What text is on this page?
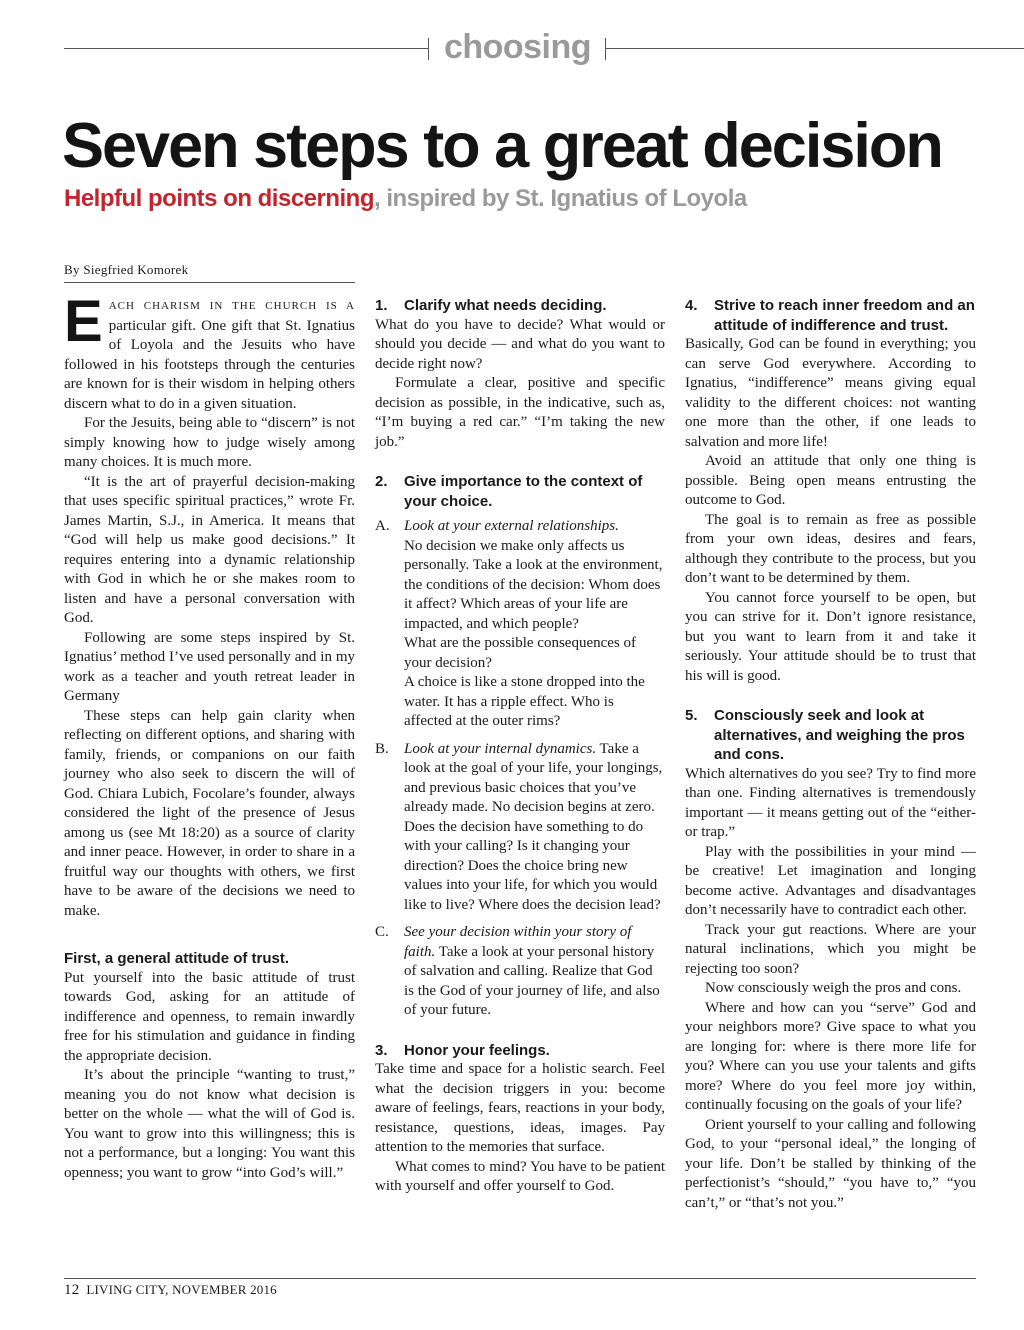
choosing
Seven steps to a great decision
Helpful points on discerning, inspired by St. Ignatius of Loyola
By Siegfried Komorek

EACH CHARISM IN THE CHURCH IS A particular gift. One gift that St. Ignatius of Loyola and the Jesuits who have followed in his footsteps through the centuries are known for is their wisdom in helping others discern what to do in a given situation.

For the Jesuits, being able to “discern” is not simply knowing how to judge wisely among many choices. It is much more.

“It is the art of prayerful decision-making that uses specific spiritual practices,” wrote Fr. James Martin, S.J., in America. It means that “God will help us make good decisions.” It requires entering into a dynamic relationship with God in which he or she makes room to listen and have a personal conversation with God.

Following are some steps inspired by St. Ignatius’ method I’ve used personally and in my work as a teacher and youth retreat leader in Germany

These steps can help gain clarity when reflecting on different options, and sharing with family, friends, or companions on our faith journey who also seek to discern the will of God. Chiara Lubich, Focolare’s founder, always considered the light of the presence of Jesus among us (see Mt 18:20) as a source of clarity and inner peace. However, in order to share in a fruitful way our thoughts with others, we first have to be aware of the decisions we need to make.

First, a general attitude of trust.

Put yourself into the basic attitude of trust towards God, asking for an attitude of indifference and openness, to remain inwardly free for his stimulation and guidance in finding the appropriate decision.

It’s about the principle “wanting to trust,” meaning you do not know what decision is better on the whole — what the will of God is. You want to grow into this willingness; this is not a performance, but a longing: You want this openness; you want to grow “into God’s will.”

1. Clarify what needs deciding.

What do you have to decide? What would or should you decide — and what do you want to decide right now?

Formulate a clear, positive and specific decision as possible, in the indicative, such as, “I’m buying a red car.” “I’m taking the new job.”

2. Give importance to the context of your choice.
A. Look at your external relationships.
No decision we make only affects us personally. Take a look at the environment, the conditions of the decision: Whom does it affect? Which areas of your life are impacted, and which people?

What are the possible consequences of your decision?

A choice is like a stone dropped into the water. It has a ripple effect. Who is affected at the outer rims?

B.	Look at your internal dynamics. Take a look at the goal of your life, your longings, and previous basic choices that you’ve already made. No decision begins at zero.

Does the decision have something to do with your calling? Is it changing your direction? Does the choice bring new values into your life, for which you would like to live? Where does the decision lead?

C.	See your decision within your story of faith. Take a look at your personal history of salvation and calling. Realize that God is the God of your journey of life, and also of your future.

3. Honor your feelings.

Take time and space for a holistic search. Feel what the decision triggers in you: become aware of feelings, fears, reactions in your body, resistance, questions, ideas, images. Pay attention to the memories that surface.

What comes to mind? You have to be patient with yourself and offer yourself to God.

4. Strive to reach inner freedom and an attitude of indifference and trust.

Basically, God can be found in everything; you can serve God everywhere. According to Ignatius, “indifference” means giving equal validity to the different choices: not wanting one more than the other, if one leads to salvation and more life!

Avoid an attitude that only one thing is possible. Being open means entrusting the outcome to God.

The goal is to remain as free as possible from your own ideas, desires and fears, although they contribute to the process, but you don’t want to be determined by them.

You cannot force yourself to be open, but you can strive for it. Don’t ignore resistance, but you want to learn from it and take it seriously. Your attitude should be to trust that his will is good.

5. Consciously seek and look at alternatives, and weighing the pros and cons.

Which alternatives do you see? Try to find more than one. Finding alternatives is tremendously important — it means getting out of the “either-or trap.”

Play with the possibilities in your mind — be creative! Let imagination and longing become active. Advantages and disadvantages don’t necessarily have to contradict each other.

Track your gut reactions. Where are your natural inclinations, which you might be rejecting too soon?

Now consciously weigh the pros and cons.

Where and how can you “serve” God and your neighbors more? Give space to what you are longing for: where is there more life for you? Where can you use your talents and gifts more? Where do you feel more joy within, continually focusing on the goals of your life?

Orient yourself to your calling and following God, to your “personal ideal,” the longing of your life. Don’t be stalled by thinking of the perfectionist’s “should,” “you have to,” “you can’t,” or “that’s not you.”

12 LIVING CITY, NOVEMBER 2016
